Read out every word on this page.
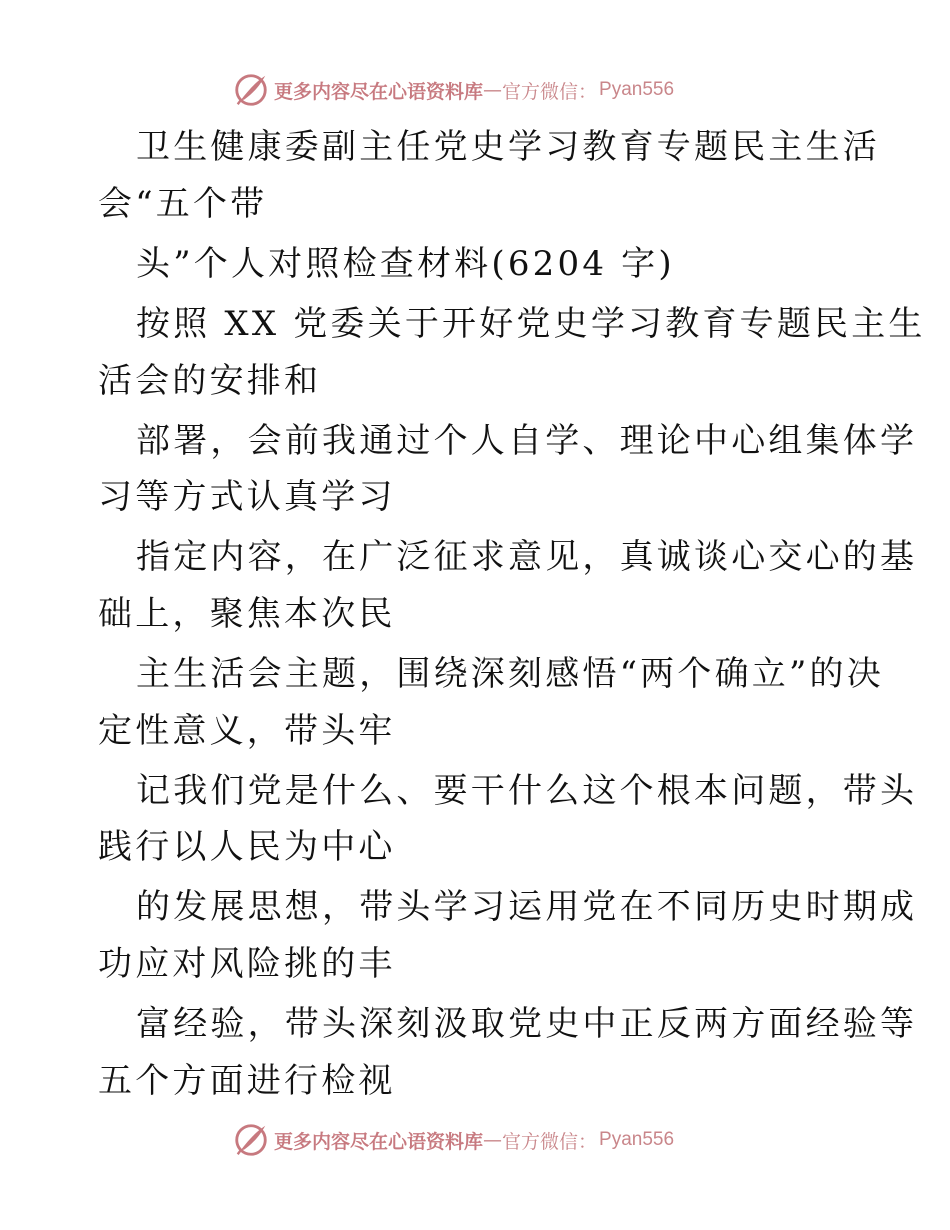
更多内容尽在心语资料库 — 官方微信： Pyan556
卫生健康委副主任党史学习教育专题民主生活
会“五个带
头”个人对照检查材料(6204 字)
按照 XX 党委关于开好党史学习教育专题民主生
活会的安排和
部署，会前我通过个人自学、理论中心组集体学
习等方式认真学习
指定内容，在广泛征求意见，真诚谈心交心的基
础上，聚焦本次民
主生活会主题，围绕深刻感悟“两个确立”的决
定性意义，带头牢
记我们党是什么、要干什么这个根本问题，带头
践行以人民为中心
的发展思想，带头学习运用党在不同历史时期成
功应对风险挑的丰
富经验，带头深刻汲取党史中正反两方面经验等
五个方面进行检视
更多内容尽在心语资料库 — 官方微信： Pyan556
